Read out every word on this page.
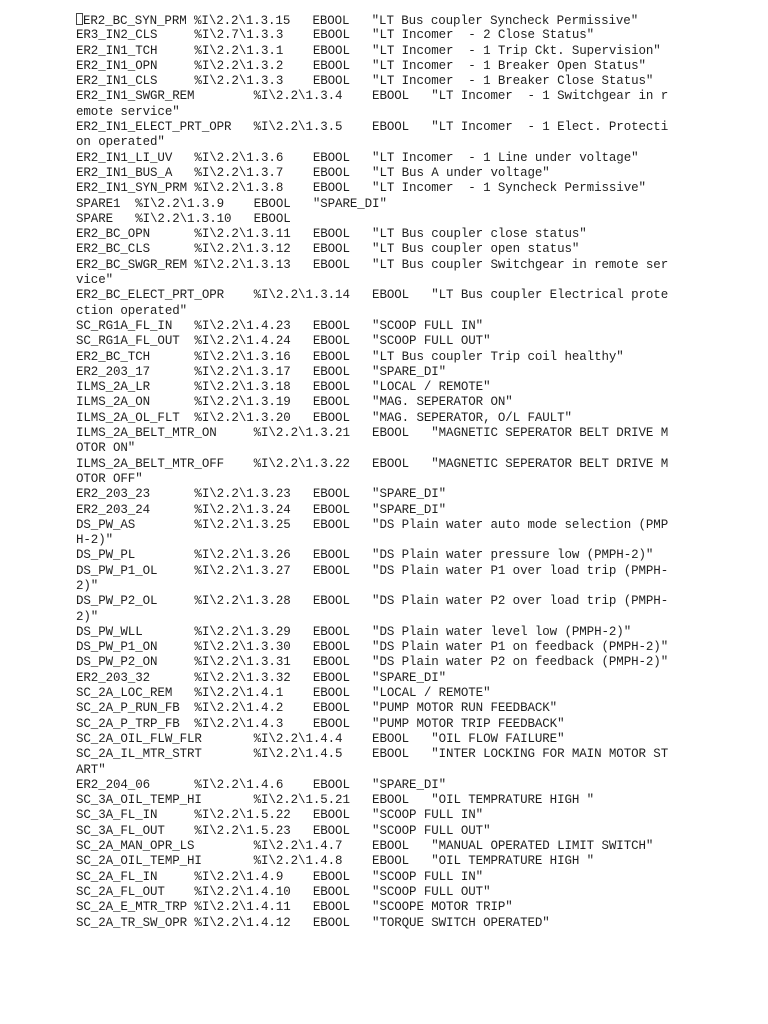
ER2_BC_SYN_PRM %I\2.2\1.3.15   EBOOL   "LT Bus coupler Syncheck Permissive"
ER3_IN2_CLS     %I\2.7\1.3.3    EBOOL   "LT Incomer  - 2 Close Status"
ER2_IN1_TCH     %I\2.2\1.3.1    EBOOL   "LT Incomer  - 1 Trip Ckt. Supervision"
ER2_IN1_OPN     %I\2.2\1.3.2    EBOOL   "LT Incomer  - 1 Breaker Open Status"
ER2_IN1_CLS     %I\2.2\1.3.3    EBOOL   "LT Incomer  - 1 Breaker Close Status"
ER2_IN1_SWGR_REM        %I\2.2\1.3.4    EBOOL   "LT Incomer  - 1 Switchgear in r
emote service"
ER2_IN1_ELECT_PRT_OPR   %I\2.2\1.3.5    EBOOL   "LT Incomer  - 1 Elect. Protecti
on operated"
ER2_IN1_LI_UV   %I\2.2\1.3.6    EBOOL   "LT Incomer  - 1 Line under voltage"
ER2_IN1_BUS_A   %I\2.2\1.3.7    EBOOL   "LT Bus A under voltage"
ER2_IN1_SYN_PRM %I\2.2\1.3.8    EBOOL   "LT Incomer  - 1 Syncheck Permissive"
SPARE1  %I\2.2\1.3.9    EBOOL   "SPARE_DI"
SPARE   %I\2.2\1.3.10   EBOOL
ER2_BC_OPN      %I\2.2\1.3.11   EBOOL   "LT Bus coupler close status"
ER2_BC_CLS      %I\2.2\1.3.12   EBOOL   "LT Bus coupler open status"
ER2_BC_SWGR_REM %I\2.2\1.3.13   EBOOL   "LT Bus coupler Switchgear in remote ser
vice"
ER2_BC_ELECT_PRT_OPR    %I\2.2\1.3.14   EBOOL   "LT Bus coupler Electrical prote
ction operated"
SC_RG1A_FL_IN   %I\2.2\1.4.23   EBOOL   "SCOOP FULL IN"
SC_RG1A_FL_OUT  %I\2.2\1.4.24   EBOOL   "SCOOP FULL OUT"
ER2_BC_TCH      %I\2.2\1.3.16   EBOOL   "LT Bus coupler Trip coil healthy"
ER2_203_17      %I\2.2\1.3.17   EBOOL   "SPARE_DI"
ILMS_2A_LR      %I\2.2\1.3.18   EBOOL   "LOCAL / REMOTE"
ILMS_2A_ON      %I\2.2\1.3.19   EBOOL   "MAG. SEPERATOR ON"
ILMS_2A_OL_FLT  %I\2.2\1.3.20   EBOOL   "MAG. SEPERATOR, O/L FAULT"
ILMS_2A_BELT_MTR_ON     %I\2.2\1.3.21   EBOOL   "MAGNETIC SEPERATOR BELT DRIVE M
OTOR ON"
ILMS_2A_BELT_MTR_OFF    %I\2.2\1.3.22   EBOOL   "MAGNETIC SEPERATOR BELT DRIVE M
OTOR OFF"
ER2_203_23      %I\2.2\1.3.23   EBOOL   "SPARE_DI"
ER2_203_24      %I\2.2\1.3.24   EBOOL   "SPARE_DI"
DS_PW_AS        %I\2.2\1.3.25   EBOOL   "DS Plain water auto mode selection (PMP
H-2)"
DS_PW_PL        %I\2.2\1.3.26   EBOOL   "DS Plain water pressure low (PMPH-2)"
DS_PW_P1_OL     %I\2.2\1.3.27   EBOOL   "DS Plain water P1 over load trip (PMPH-
2)"
DS_PW_P2_OL     %I\2.2\1.3.28   EBOOL   "DS Plain water P2 over load trip (PMPH-
2)"
DS_PW_WLL       %I\2.2\1.3.29   EBOOL   "DS Plain water level low (PMPH-2)"
DS_PW_P1_ON     %I\2.2\1.3.30   EBOOL   "DS Plain water P1 on feedback (PMPH-2)"
DS_PW_P2_ON     %I\2.2\1.3.31   EBOOL   "DS Plain water P2 on feedback (PMPH-2)"
ER2_203_32      %I\2.2\1.3.32   EBOOL   "SPARE_DI"
SC_2A_LOC_REM   %I\2.2\1.4.1    EBOOL   "LOCAL / REMOTE"
SC_2A_P_RUN_FB  %I\2.2\1.4.2    EBOOL   "PUMP MOTOR RUN FEEDBACK"
SC_2A_P_TRP_FB  %I\2.2\1.4.3    EBOOL   "PUMP MOTOR TRIP FEEDBACK"
SC_2A_OIL_FLW_FLR       %I\2.2\1.4.4    EBOOL   "OIL FLOW FAILURE"
SC_2A_IL_MTR_STRT       %I\2.2\1.4.5    EBOOL   "INTER LOCKING FOR MAIN MOTOR ST
ART"
ER2_204_06      %I\2.2\1.4.6    EBOOL   "SPARE_DI"
SC_3A_OIL_TEMP_HI       %I\2.2\1.5.21   EBOOL   "OIL TEMPRATURE HIGH "
SC_3A_FL_IN     %I\2.2\1.5.22   EBOOL   "SCOOP FULL IN"
SC_3A_FL_OUT    %I\2.2\1.5.23   EBOOL   "SCOOP FULL OUT"
SC_2A_MAN_OPR_LS        %I\2.2\1.4.7    EBOOL   "MANUAL OPERATED LIMIT SWITCH"
SC_2A_OIL_TEMP_HI       %I\2.2\1.4.8    EBOOL   "OIL TEMPRATURE HIGH "
SC_2A_FL_IN     %I\2.2\1.4.9    EBOOL   "SCOOP FULL IN"
SC_2A_FL_OUT    %I\2.2\1.4.10   EBOOL   "SCOOP FULL OUT"
SC_2A_E_MTR_TRP %I\2.2\1.4.11   EBOOL   "SCOOPE MOTOR TRIP"
SC_2A_TR_SW_OPR %I\2.2\1.4.12   EBOOL   "TORQUE SWITCH OPERATED"
